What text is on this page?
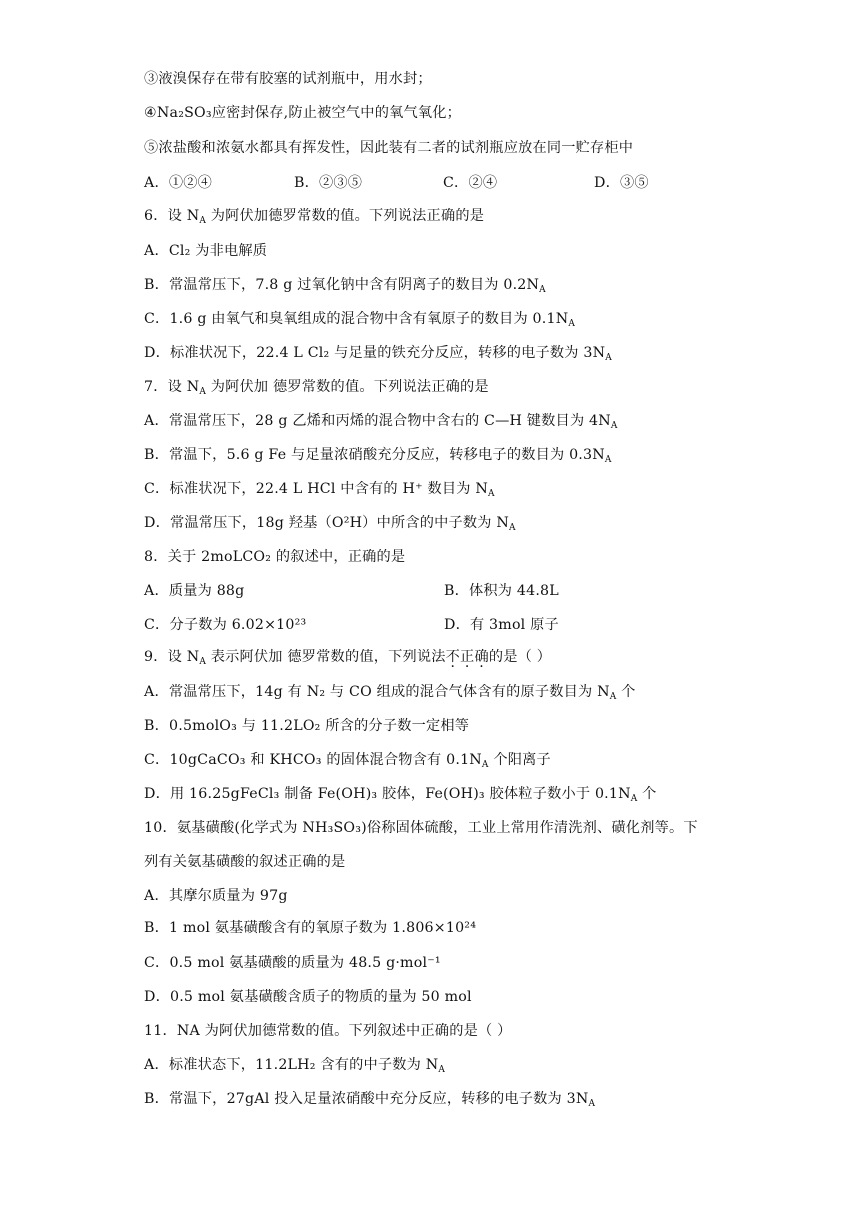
③液溴保存在带有胶塞的试剂瓶中，用水封；
④Na₂SO₃应密封保存,防止被空气中的氧气氧化；
⑤浓盐酸和浓氨水都具有挥发性，因此装有二者的试剂瓶应放在同一贮存柜中
A．①②④	B．②③⑤	C．②④	D．③⑤
6．设 $N_A$ 为阿伏加德罗常数的值。下列说法正确的是
A．Cl₂ 为非电解质
B．常温常压下，7.8 g 过氧化钠中含有阴离子的数目为 $0.2N_A$
C．1.6 g 由氧气和臭氧组成的混合物中含有氧原子的数目为 $0.1N_A$
D．标准状况下，22.4 L Cl₂ 与足量的铁充分反应，转移的电子数为 $3N_A$
7．设 $N_A$ 为阿伏加 德罗常数的值。下列说法正确的是
A．常温常压下，28 g 乙烯和丙烯的混合物中含右的 C—H 键数目为 $4N_A$
B．常温下，5.6 g Fe 与足量浓硝酸充分反应，转移电子的数目为 $0.3N_A$
C．标准状况下，22.4 L HCl 中含有的 H⁺ 数目为 $N_A$
D．常温常压下，18g 羟基（O²H）中所含的中子数为 $N_A$
8．关于 2moLCO₂ 的叙述中，正确的是
A．质量为 88g	B．体积为 44.8L
C．分子数为 6.02×10²³	D．有 3mol 原子
9．设 $N_A$ 表示阿伏加 德罗常数的值，下列说法不正确的是（ ）
A．常温常压下，14g 有 N₂ 与 CO 组成的混合气体含有的原子数目为 $N_A$ 个
B．0.5molO₃ 与 11.2LO₂ 所含的分子数一定相等
C．10gCaCO₃ 和 KHCO₃ 的固体混合物含有 $0.1N_A$ 个阳离子
D．用 16.25gFeCl₃ 制备 Fe(OH)₃ 胶体，Fe(OH)₃ 胶体粒子数小于 $0.1N_A$ 个
10．氨基磺酸(化学式为 NH₃SO₃)俗称固体硫酸，工业上常用作清洗剂、磺化剂等。下
列有关氨基磺酸的叙述正确的是
A．其摩尔质量为 97g
B．1 mol 氨基磺酸含有的氧原子数为 1.806×10²⁴
C．0.5 mol 氨基磺酸的质量为 48.5 g·mol⁻¹
D．0.5 mol 氨基磺酸含质子的物质的量为 50 mol
11．NA 为阿伏加德常数的值。下列叙述中正确的是（ ）
A．标准状态下，11.2LH₂ 含有的中子数为 $N_A$
B．常温下，27gAl 投入足量浓硝酸中充分反应，转移的电子数为 $3N_A$
